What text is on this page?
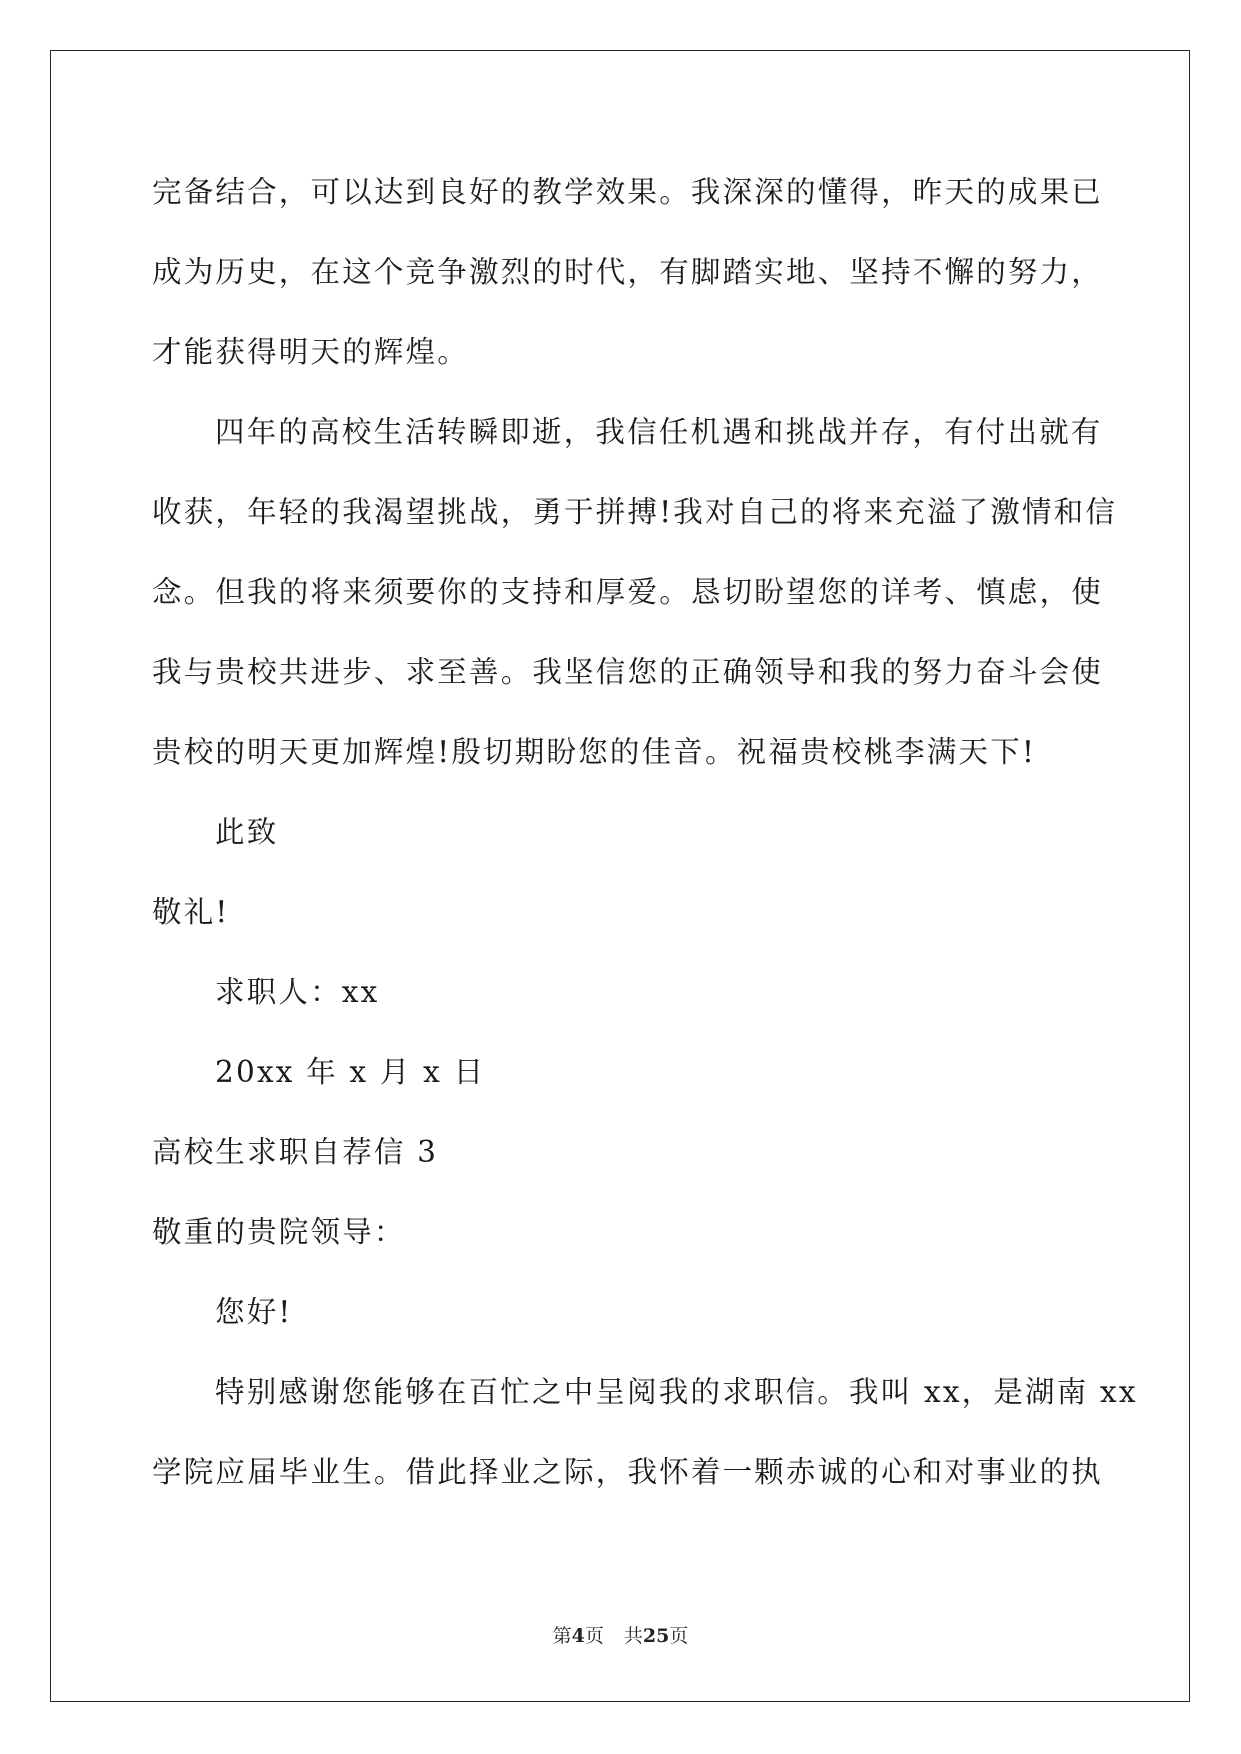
完备结合，可以达到良好的教学效果。我深深的懂得，昨天的成果已
成为历史，在这个竞争激烈的时代，有脚踏实地、坚持不懈的努力，
才能获得明天的辉煌。
四年的高校生活转瞬即逝，我信任机遇和挑战并存，有付出就有
收获，年轻的我渴望挑战，勇于拼搏!我对自己的将来充溢了激情和信
念。但我的将来须要你的支持和厚爱。恳切盼望您的详考、慎虑，使
我与贵校共进步、求至善。我坚信您的正确领导和我的努力奋斗会使
贵校的明天更加辉煌!殷切期盼您的佳音。祝福贵校桃李满天下!
此致
敬礼!
求职人：xx
20xx 年 x 月 x 日
高校生求职自荐信 3
敬重的贵院领导：
您好!
特别感谢您能够在百忙之中呈阅我的求职信。我叫 xx，是湖南 xx
学院应届毕业生。借此择业之际，我怀着一颗赤诚的心和对事业的执
第4页 共25页
